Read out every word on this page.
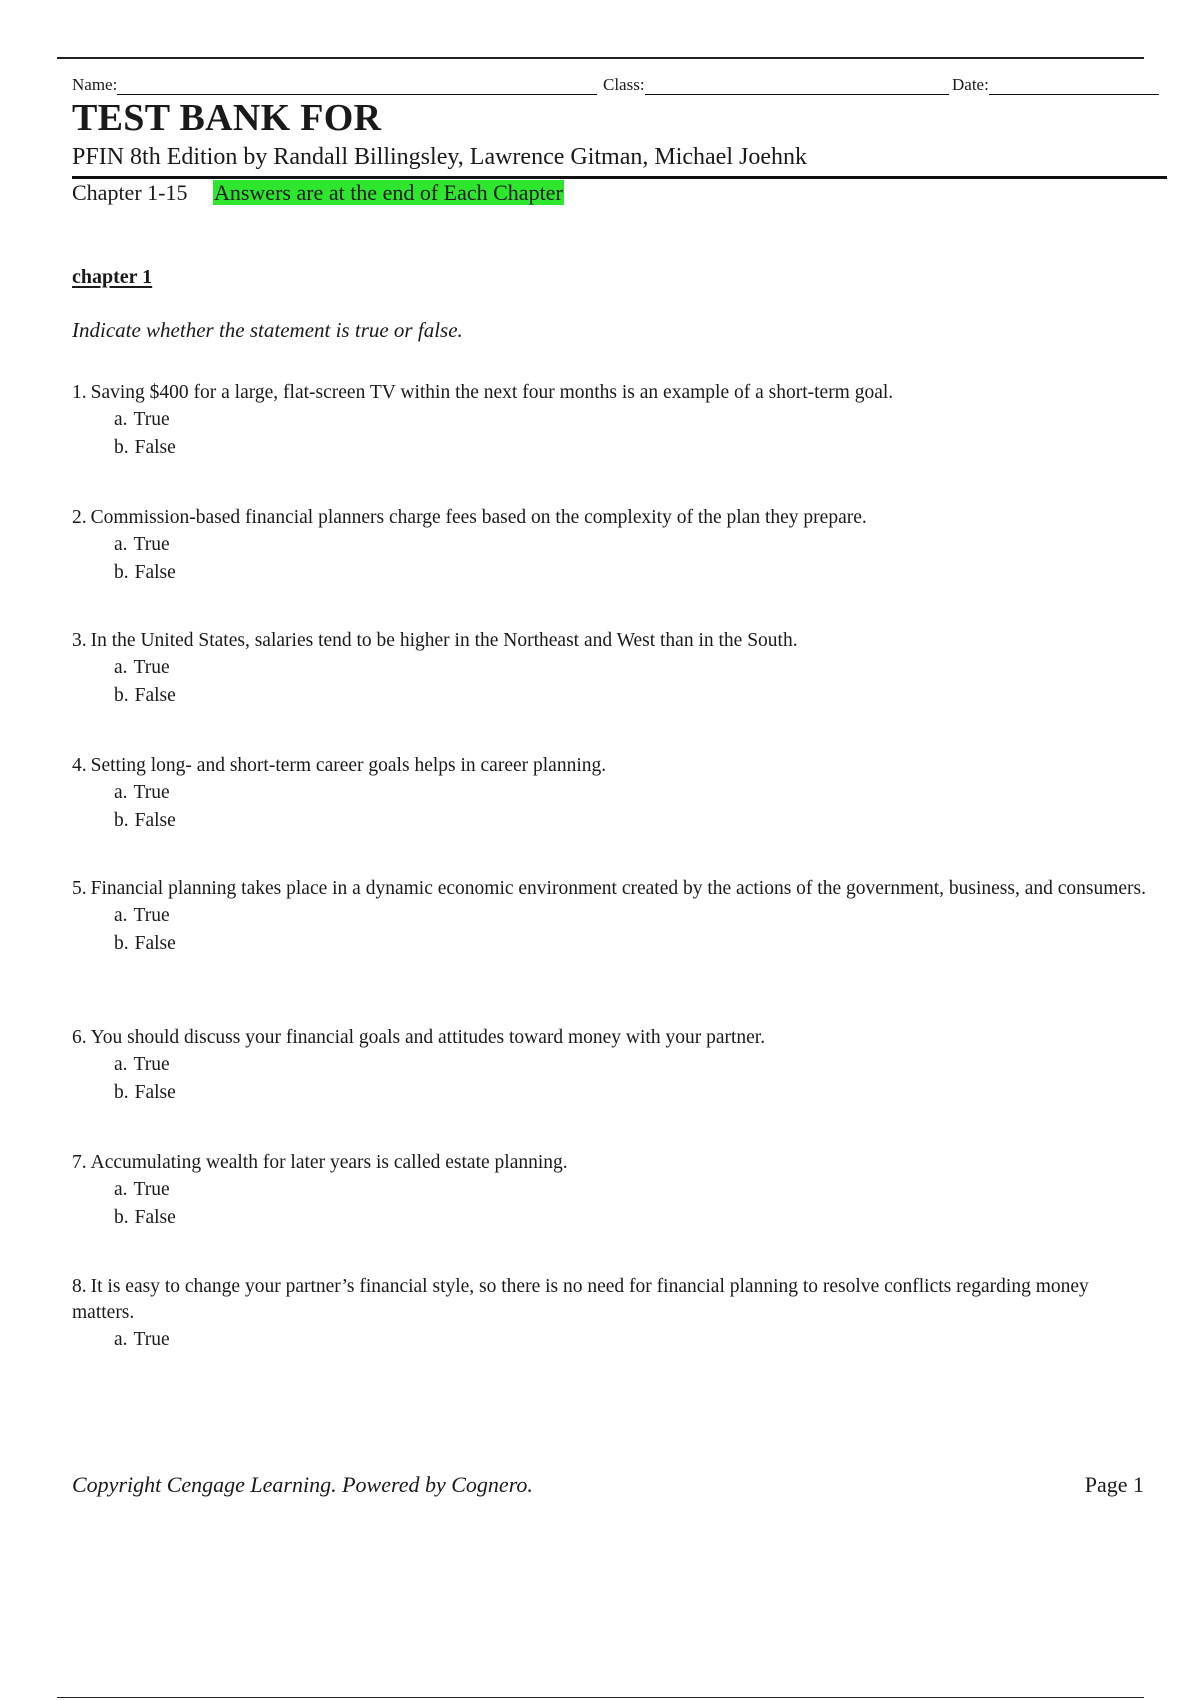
Name:	Class:	Date:
TEST BANK FOR

PFIN 8th Edition by Randall Billingsley, Lawrence Gitman, Michael Joehnk

Chapter 1-15 Answers are at the end of Each Chapter
chapter 1
Indicate whether the statement is true or false.

1. Saving $400 for a large, flat-screen TV within the next four months is an example of a short-term goal.

a. True
b. False

2. Commission-based financial planners charge fees based on the complexity of the plan they prepare.

a. True
b. False

3. In the United States, salaries tend to be higher in the Northeast and West than in the South.

a. True
b. False

4. Setting long- and short-term career goals helps in career planning.

a. True
b. False

5. Financial planning takes place in a dynamic economic environment created by the actions of the government, business, and consumers.

a. True
b. False

6. You should discuss your financial goals and attitudes toward money with your partner.

a. True
b. False

7. Accumulating wealth for later years is called estate planning.

a. True
b. False

8. It is easy to change your partner’s financial style, so there is no need for financial planning to resolve conflicts regarding money matters.

a. True
Copyright Cengage Learning. Powered by Cognero.	Page 1
